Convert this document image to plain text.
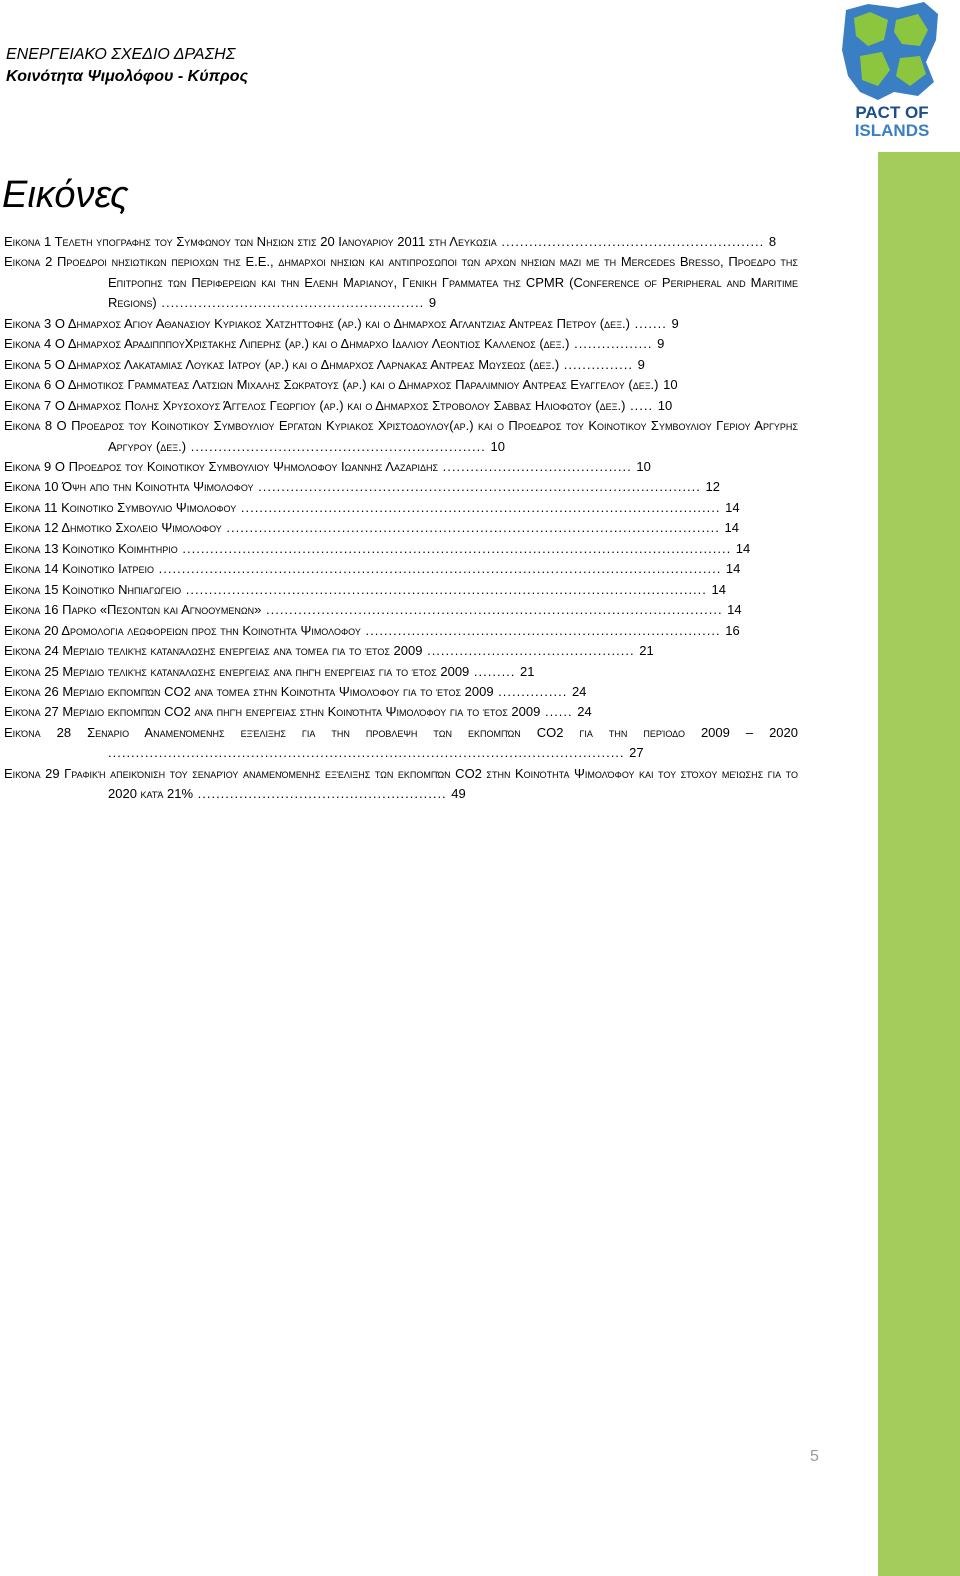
ΕΝΕΡΓΕΙΑΚΟ ΣΧΕΔΙΟ ΔΡΑΣΗΣ
Κοινότητα Ψιμολόφου - Κύπρος
PACT OF
ISLANDS
Εικόνες
Εικονα 1 Τελετη υπογραφης του Συμφωνου των Νησιων στις 20 Ιανουαριου 2011 στη Λευκωσια ......................................................... 8
Εικονα 2 Προεδροι νησιωτικων περιοχων της Ε.Ε., δημαρχοι νησιων και αντιπροσωποι των αρχων νησιων μαζι με τη Mercedes Bresso, Προεδρο της Επιτροπης των Περιφερειων και την Ελενη Μαριανου, Γενικη Γραμματεα της CPMR (Conference of Peripheral and Maritime Regions) ......................................................... 9
Εικονα 3 Ο Δημαρχος Αγιου Αθανασιου Κυριακος Χατζηττοφης (αρ.) και ο Δημαρχος Αγλαντζιας Αντρεας Πετρου (δεξ.) ....... 9
Εικονα 4 Ο Δημαρχος ΑραδιπππουΧριστακης Λιπερης (αρ.) και ο Δημαρχο Ιδαλιου Λεοντιος Καλλενος (δεξ.) ................. 9
Εικονα 5 Ο Δημαρχος Λακαταμιας Λουκας Ιατρου (αρ.) και ο Δημαρχος Λαρνακας Αντρεας Μωυσεως (δεξ.) ............... 9
Εικονα 6 Ο Δημοτικος Γραμματεας Λατσιων Μιχαλης Σωκρατους (αρ.) και ο Δημαρχος Παραλιμνιου Αντρεας Ευαγγελου (δεξ.) 10
Εικονα 7 Ο Δημαρχος Πολης Χρυσοχους Άγγελος Γεωργιου (αρ.) και ο Δημαρχος Στροβολου Σαββας Ηλιοφωτου (δεξ.) ..... 10
Εικονα 8 Ο Προεδρος του Κοινοτικου Συμβουλιου Εργατων Κυριακος Χριστοδουλου(αρ.) και ο Προεδρος του Κοινοτικου Συμβουλιου Γεριου Αργυρης Αργυρου (δεξ.) ................................................................ 10
Εικονα 9 Ο Προεδρος του Κοινοτικου Συμβουλιου Ψημολοφου Ιωαννης Λαζαριδης ......................................... 10
Εικονα 10 Όψη απο την Κοινοτητα Ψιμολοφου ................................................................................................ 12
Εικονα 11 Κοινοτικο Συμβουλιο Ψιμολοφου ........................................................................................................ 14
Εικονα 12 Δημοτικο Σχολειο Ψιμολοφου ........................................................................................................... 14
Εικονα 13 Κοινοτικο Κοιμητηριο ....................................................................................................................... 14
Εικονα 14 Κοινοτικο Ιατρειο .......................................................................................................................... 14
Εικονα 15 Κοινοτικο Νηπιαγωγειο ................................................................................................................. 14
Εικονα 16 Παρκο «Πεσοντων και Αγνοουμενων» ................................................................................................... 14
Εικονα 20 Δρομολογια λεωφορειων προς την Κοινοτητα Ψιμολοφου ............................................................................. 16
Εικόνα 24 Μερίδιο τελικής κατανάλωσης ενέργειας ανά τομέα για το έτος 2009 ............................................. 21
Εικόνα 25 Μερίδιο τελικής κατανάλωσης ενέργειας ανά πηγή ενέργειας για το έτος 2009 ......... 21
Εικόνα 26 Μερίδιο εκπομπών CO2 ανά τομέα στην Κοινότητα Ψιμολόφου για το έτος 2009 ............... 24
Εικόνα 27 Μερίδιο εκπομπών CO2 ανά πηγή ενέργειας στην Κοινότητα Ψιμολόφου για το έτος 2009 ...... 24
Εικόνα 28 Σενάριο Αναμενόμενης εξέλιξης για την προβλεψη των εκπομπών CO2 για την περίοδο 2009 – 2020 ................................................................................................................ 27
Εικόνα 29 Γραφική απεικόνιση του σεναρίου αναμενόμενης εξέλιξης των εκπομπών CO2 στην Κοινότητα Ψιμολόφου και του στόχου μείωσης για το 2020 κατά 21% ...................................................... 49
5
